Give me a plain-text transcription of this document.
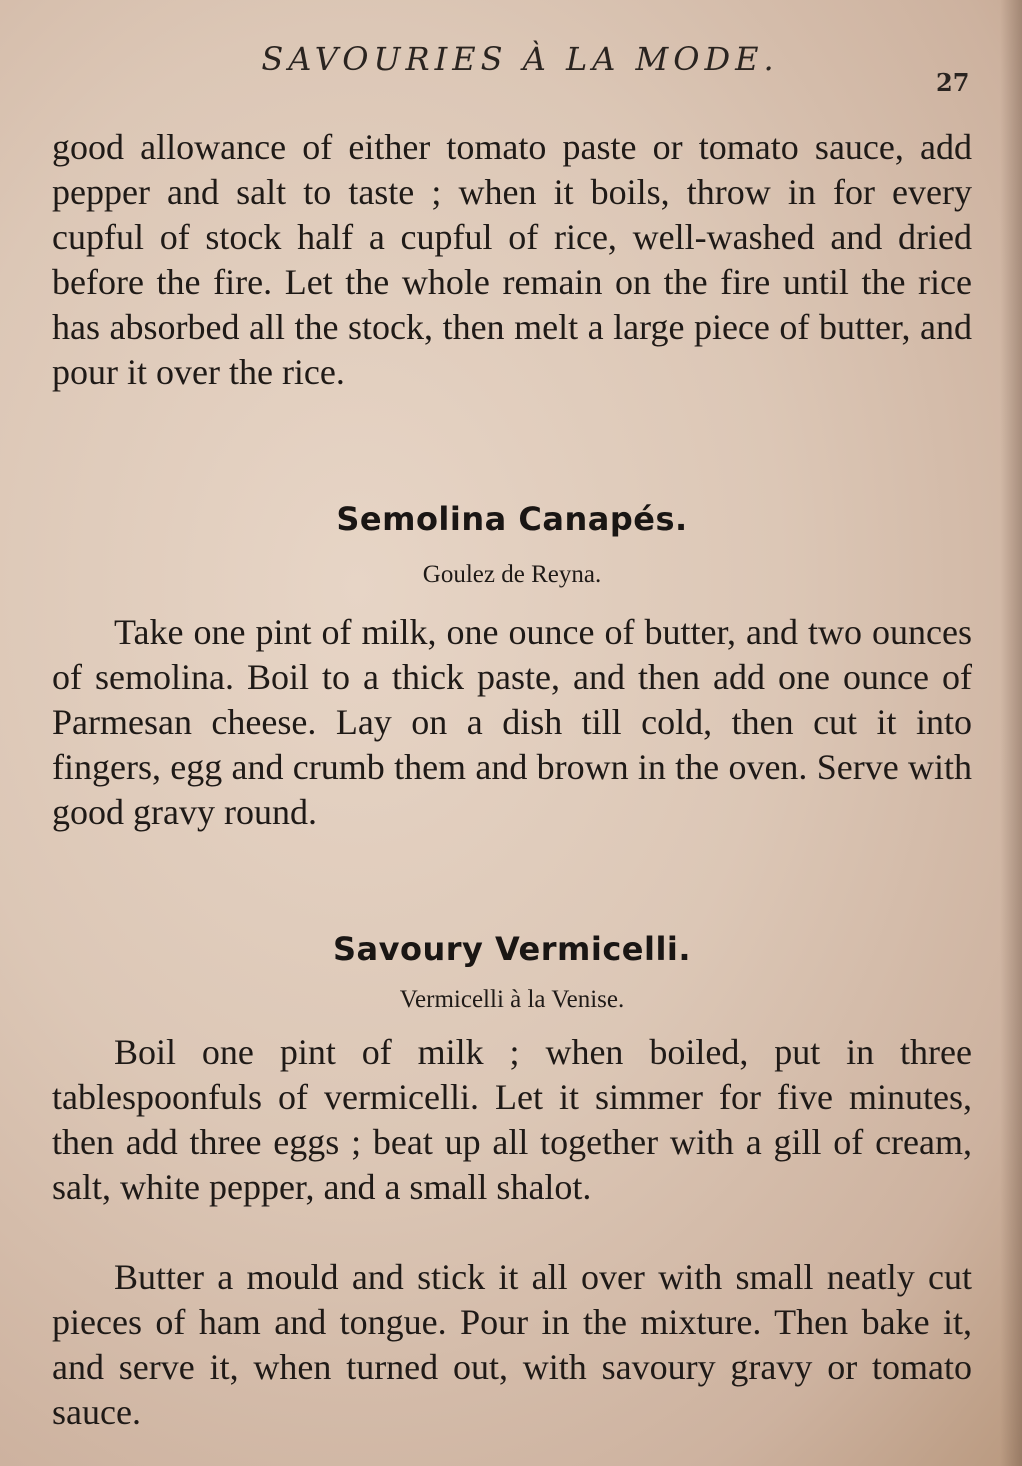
SAVOURIES À LA MODE.
27

good allowance of either tomato paste or tomato sauce, add pepper and salt to taste ; when it boils, throw in for every cupful of stock half a cupful of rice, well-washed and dried before the fire. Let the whole remain on the fire until the rice has absorbed all the stock, then melt a large piece of butter, and pour it over the rice.

Semolina Canapés.
Goulez de Reyna.

Take one pint of milk, one ounce of butter, and two ounces of semolina. Boil to a thick paste, and then add one ounce of Parmesan cheese. Lay on a dish till cold, then cut it into fingers, egg and crumb them and brown in the oven. Serve with good gravy round.

Savoury Vermicelli.
Vermicelli à la Venise.

Boil one pint of milk ; when boiled, put in three tablespoonfuls of vermicelli. Let it simmer for five minutes, then add three eggs ; beat up all together with a gill of cream, salt, white pepper, and a small shalot.

Butter a mould and stick it all over with small neatly cut pieces of ham and tongue. Pour in the mixture. Then bake it, and serve it, when turned out, with savoury gravy or tomato sauce.
